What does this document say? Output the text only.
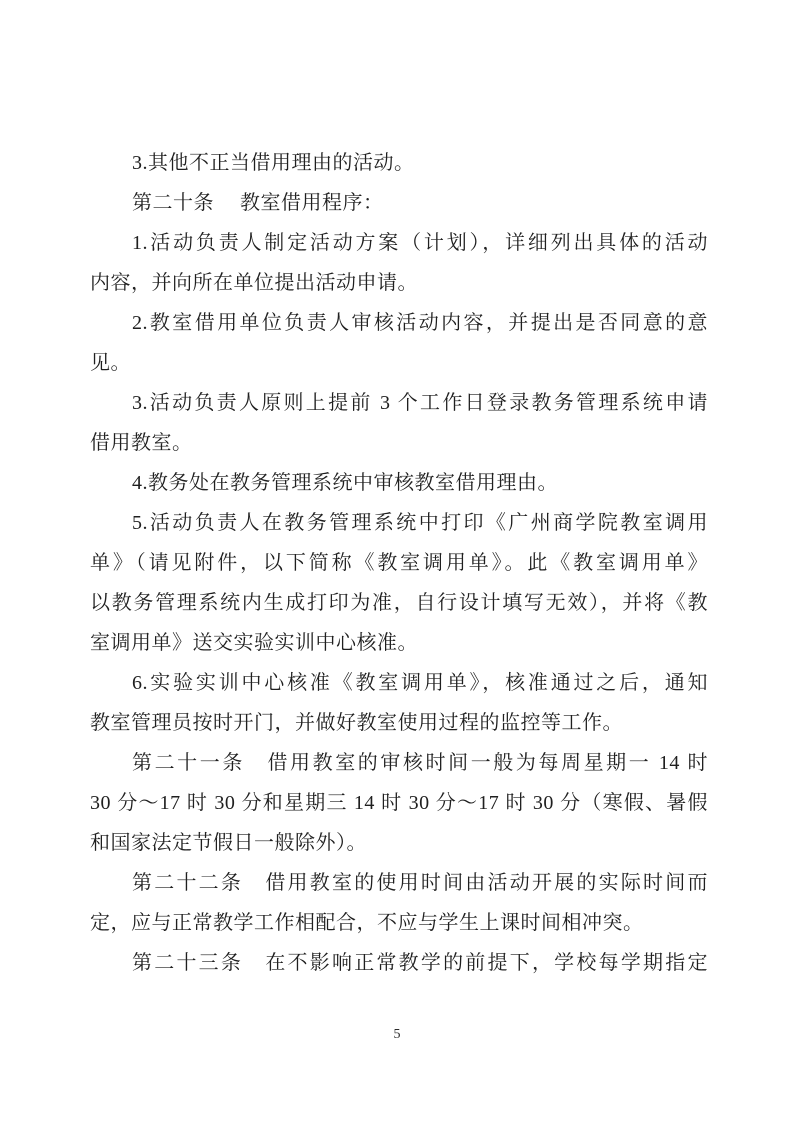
3.其他不正当借用理由的活动。
第二十条　 教室借用程序：
1.活动负责人制定活动方案（计划），详细列出具体的活动
内容，并向所在单位提出活动申请。
2.教室借用单位负责人审核活动内容，并提出是否同意的意
见。
3.活动负责人原则上提前 3 个工作日登录教务管理系统申请
借用教室。
4.教务处在教务管理系统中审核教室借用理由。
5.活动负责人在教务管理系统中打印《广州商学院教室调用
单》（请见附件，以下简称《教室调用单》。此《教室调用单》
以教务管理系统内生成打印为准，自行设计填写无效），并将《教
室调用单》送交实验实训中心核准。
6.实验实训中心核准《教室调用单》，核准通过之后，通知
教室管理员按时开门，并做好教室使用过程的监控等工作。
第二十一条　借用教室的审核时间一般为每周星期一 14 时
30 分～17 时 30 分和星期三 14 时 30 分～17 时 30 分（寒假、暑假
和国家法定节假日一般除外）。
第二十二条　借用教室的使用时间由活动开展的实际时间而
定，应与正常教学工作相配合，不应与学生上课时间相冲突。
第二十三条　在不影响正常教学的前提下，学校每学期指定
5
